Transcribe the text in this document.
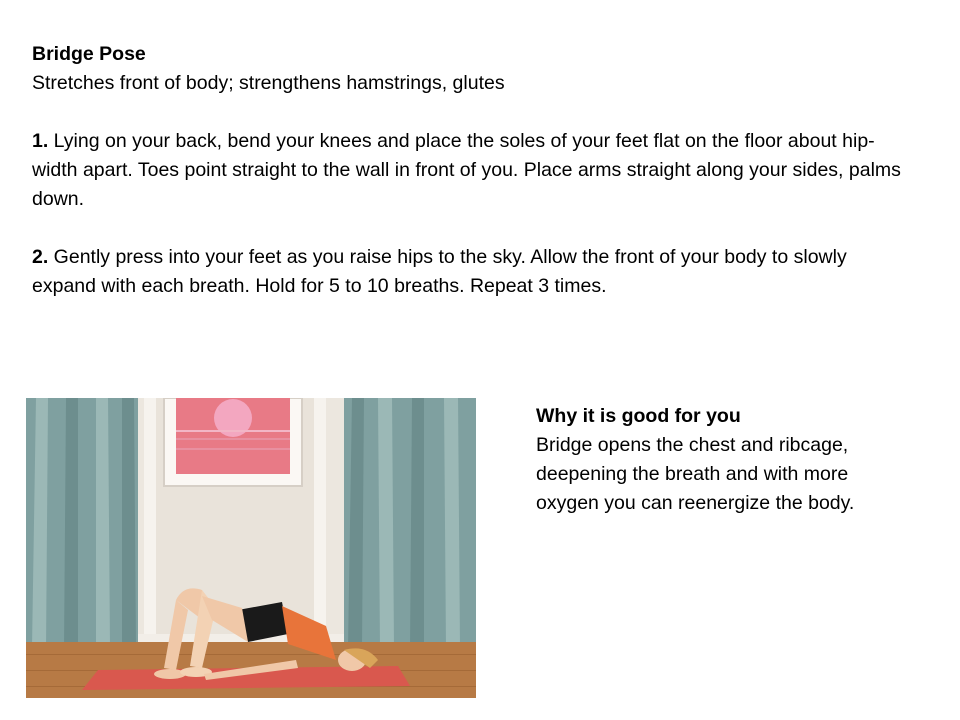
Bridge Pose

Stretches front of body; strengthens hamstrings, glutes

1. Lying on your back, bend your knees and place the soles of your feet flat on the floor about hip-width apart. Toes point straight to the wall in front of you. Place arms straight along your sides, palms down.

2. Gently press into your feet as you raise hips to the sky. Allow the front of your body to slowly expand with each breath. Hold for 5 to 10 breaths. Repeat 3 times.

Why it is good for you

Bridge opens the chest and ribcage, deepening the breath and with more oxygen you can reenergize the body.
